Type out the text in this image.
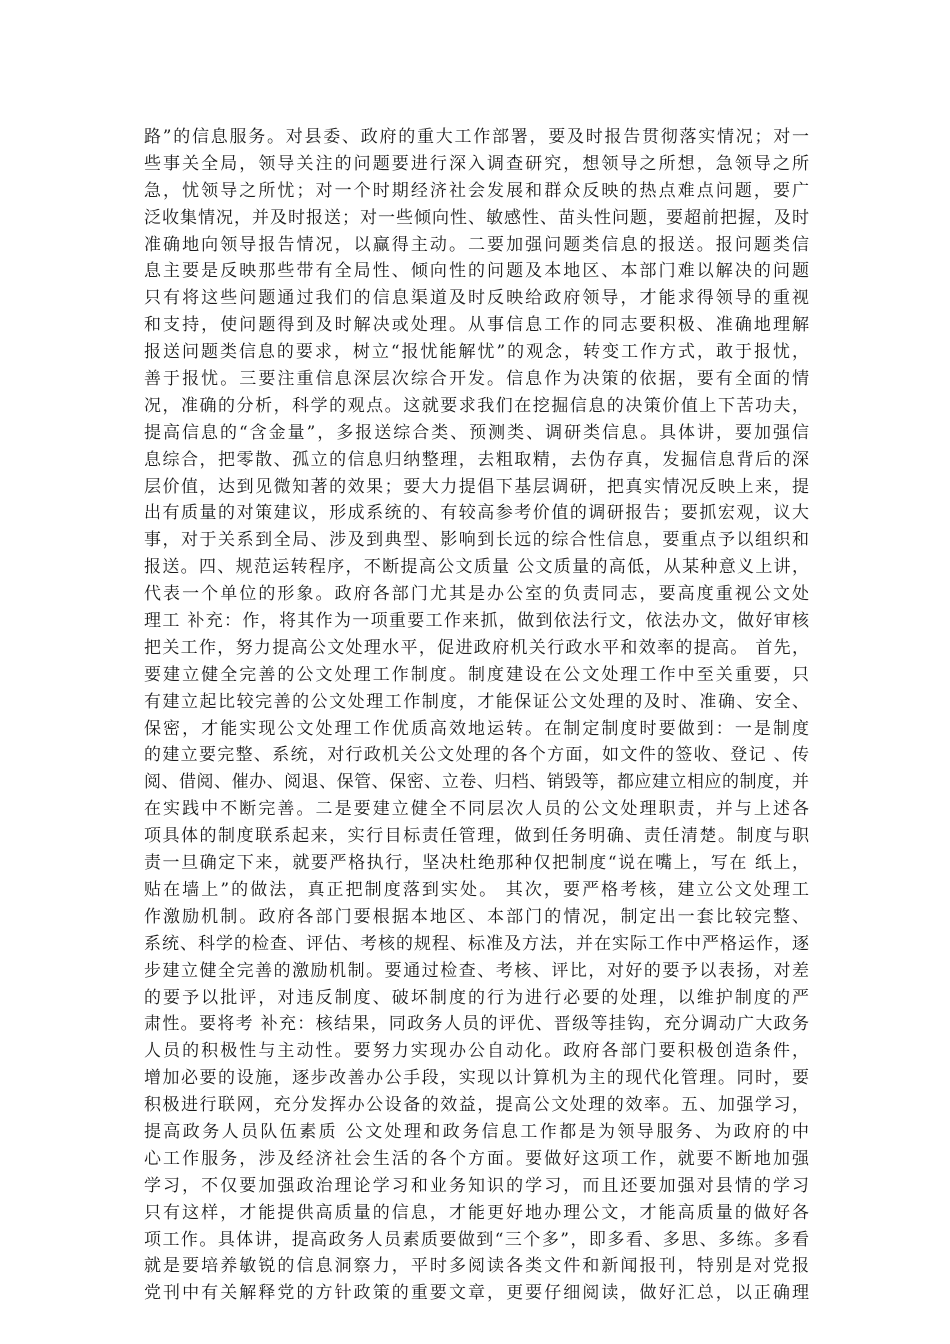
路”的信息服务。对县委、政府的重大工作部署，要及时报告贯彻落实情况；对一
些事关全局，领导关注的问题要进行深入调查研究，想领导之所想，急领导之所
急，忧领导之所忧；对一个时期经济社会发展和群众反映的热点难点问题，要广
泛收集情况，并及时报送；对一些倾向性、敏感性、苗头性问题，要超前把握，及时
准确地向领导报告情况，以赢得主动。二要加强问题类信息的报送。报问题类信
息主要是反映那些带有全局性、倾向性的问题及本地区、本部门难以解决的问题
只有将这些问题通过我们的信息渠道及时反映给政府领导，才能求得领导的重视
和支持，使问题得到及时解决或处理。从事信息工作的同志要积极、准确地理解
报送问题类信息的要求，树立“报忧能解忧”的观念，转变工作方式，敢于报忧，
善于报忧。三要注重信息深层次综合开发。信息作为决策的依据，要有全面的情
况，准确的分析，科学的观点。这就要求我们在挖掘信息的决策价值上下苦功夫，
提高信息的“含金量”，多报送综合类、预测类、调研类信息。具体讲，要加强信
息综合，把零散、孤立的信息归纳整理，去粗取精，去伪存真，发掘信息背后的深
层价值，达到见微知著的效果；要大力提倡下基层调研，把真实情况反映上来，提
出有质量的对策建议，形成系统的、有较高参考价值的调研报告；要抓宏观，议大
事，对于关系到全局、涉及到典型、影响到长远的综合性信息，要重点予以组织和
报送。四、规范运转程序，不断提高公文质量 公文质量的高低，从某种意义上讲，
代表一个单位的形象。政府各部门尤其是办公室的负责同志，要高度重视公文处
理工 补充：作，将其作为一项重要工作来抓，做到依法行文，依法办文，做好审核
把关工作，努力提高公文处理水平，促进政府机关行政水平和效率的提高。 首先，
要建立健全完善的公文处理工作制度。制度建设在公文处理工作中至关重要，只
有建立起比较完善的公文处理工作制度，才能保证公文处理的及时、准确、安全、
保密，才能实现公文处理工作优质高效地运转。在制定制度时要做到：一是制度
的建立要完整、系统，对行政机关公文处理的各个方面，如文件的签收、登记 、传
阅、借阅、催办、阅退、保管、保密、立卷、归档、销毁等，都应建立相应的制度，并
在实践中不断完善。二是要建立健全不同层次人员的公文处理职责，并与上述各
项具体的制度联系起来，实行目标责任管理，做到任务明确、责任清楚。制度与职
责一旦确定下来，就要严格执行，坚决杜绝那种仅把制度“说在嘴上，写在 纸上，
贴在墙上”的做法，真正把制度落到实处。 其次，要严格考核，建立公文处理工
作激励机制。政府各部门要根据本地区、本部门的情况，制定出一套比较完整、
系统、科学的检查、评估、考核的规程、标准及方法，并在实际工作中严格运作，逐
步建立健全完善的激励机制。要通过检查、考核、评比，对好的要予以表扬，对差
的要予以批评，对违反制度、破坏制度的行为进行必要的处理，以维护制度的严
肃性。要将考 补充：核结果，同政务人员的评优、晋级等挂钩，充分调动广大政务
人员的积极性与主动性。要努力实现办公自动化。政府各部门要积极创造条件，
增加必要的设施，逐步改善办公手段，实现以计算机为主的现代化管理。同时，要
积极进行联网，充分发挥办公设备的效益，提高公文处理的效率。五、加强学习，
提高政务人员队伍素质 公文处理和政务信息工作都是为领导服务、为政府的中
心工作服务，涉及经济社会生活的各个方面。要做好这项工作，就要不断地加强
学习，不仅要加强政治理论学习和业务知识的学习，而且还要加强对县情的学习
只有这样，才能提供高质量的信息，才能更好地办理公文，才能高质量的做好各
项工作。具体讲，提高政务人员素质要做到“三个多”，即多看、多思、多练。多看
就是要培养敏锐的信息洞察力，平时多阅读各类文件和新闻报刊，特别是对党报
党刊中有关解释党的方针政策的重要文章，更要仔细阅读，做好汇总，以正确理
